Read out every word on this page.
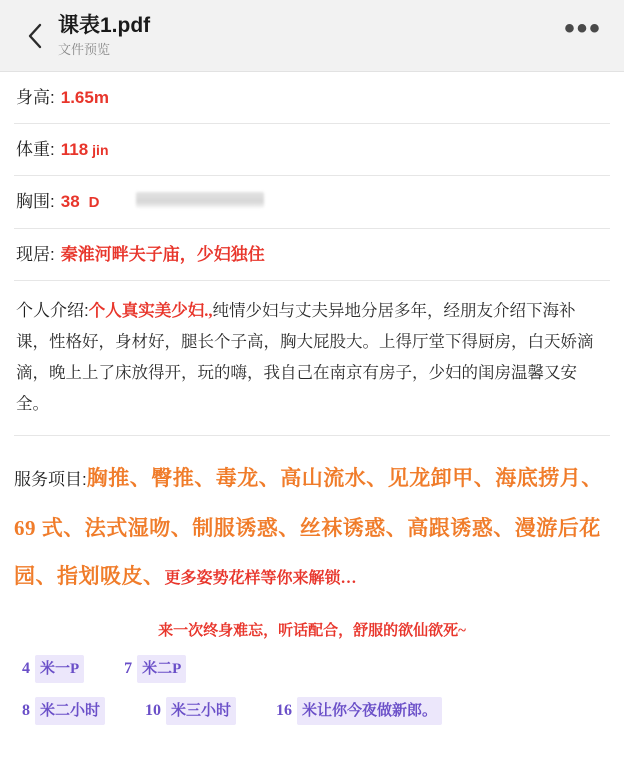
课表1.pdf
文件预览
•••
身高: 1.65m
体重: 118 jin
胸围: 38 D
现居: 秦淮河畔夫子庙，少妇独住
个人介绍:个人真实美少妇.,纯情少妇与丈夫异地分居多年，经朋友介绍下海补课，性格好，身材好，腿长个子高，胸大屁股大。上得厅堂下得厨房，白天娇滴滴，晚上上了床放得开，玩的嗨，我自己在南京有房子，少妇的闺房温馨又安全。
服务项目:胸推、臀推、毒龙、高山流水、见龙卸甲、海底捞月、69 式、法式湿吻、制服诱惑、丝袜诱惑、高跟诱惑、漫游后花园、指划吸皮、更多姿势花样等你来解锁…
来一次终身难忘，听话配合，舒服的欲仙欲死~
4 米一P	7 米二P
8 米二小时	10 米三小时	16 米让你今夜做新郎。
